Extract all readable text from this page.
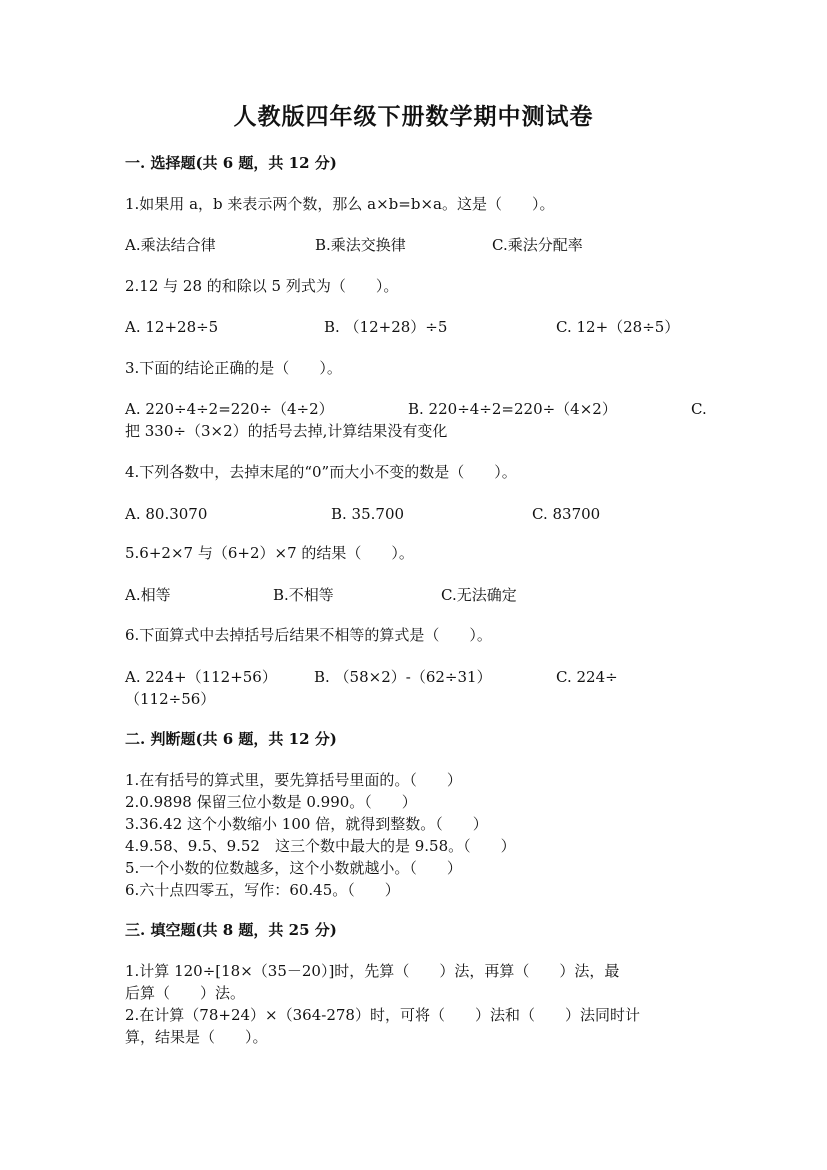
人教版四年级下册数学期中测试卷
一. 选择题(共 6 题，共 12 分)
1.如果用 a，b 来表示两个数，那么 a×b=b×a。这是（　　）。
A.乘法结合律	B.乘法交换律	C.乘法分配率
2.12 与 28 的和除以 5 列式为（　　）。
A. 12+28÷5	B. （12+28）÷5	C. 12+（28÷5）
3.下面的结论正确的是（　　）。
A. 220÷4÷2=220÷（4÷2）	B. 220÷4÷2=220÷（4×2）	C.
把 330÷（3×2）的括号去掉,计算结果没有变化
4.下列各数中，去掉末尾的“0”而大小不变的数是（　　）。
A. 80.3070	B. 35.700	C. 83700
5.6+2×7 与（6+2）×7 的结果（　　）。
A.相等	B.不相等	C.无法确定
6.下面算式中去掉括号后结果不相等的算式是（　　）。
A. 224+（112+56） B. （58×2）-（62÷31）	C. 224÷
（112÷56）
二. 判断题(共 6 题，共 12 分)
1.在有括号的算式里，要先算括号里面的。（　　）
2.0.9898 保留三位小数是 0.990。（　　）
3.36.42 这个小数缩小 100 倍，就得到整数。（　　）
4.9.58、9.5、9.52　这三个数中最大的是 9.58。（　　）
5.一个小数的位数越多，这个小数就越小。（　　）
6.六十点四零五，写作：60.45。（　　）
三. 填空题(共 8 题，共 25 分)
1.计算 120÷[18×（35－20）]时，先算（　　）法，再算（　　）法，最
后算（　　）法。
2.在计算（78+24）×（364-278）时，可将（　　）法和（　　）法同时计
算，结果是（　　）。
